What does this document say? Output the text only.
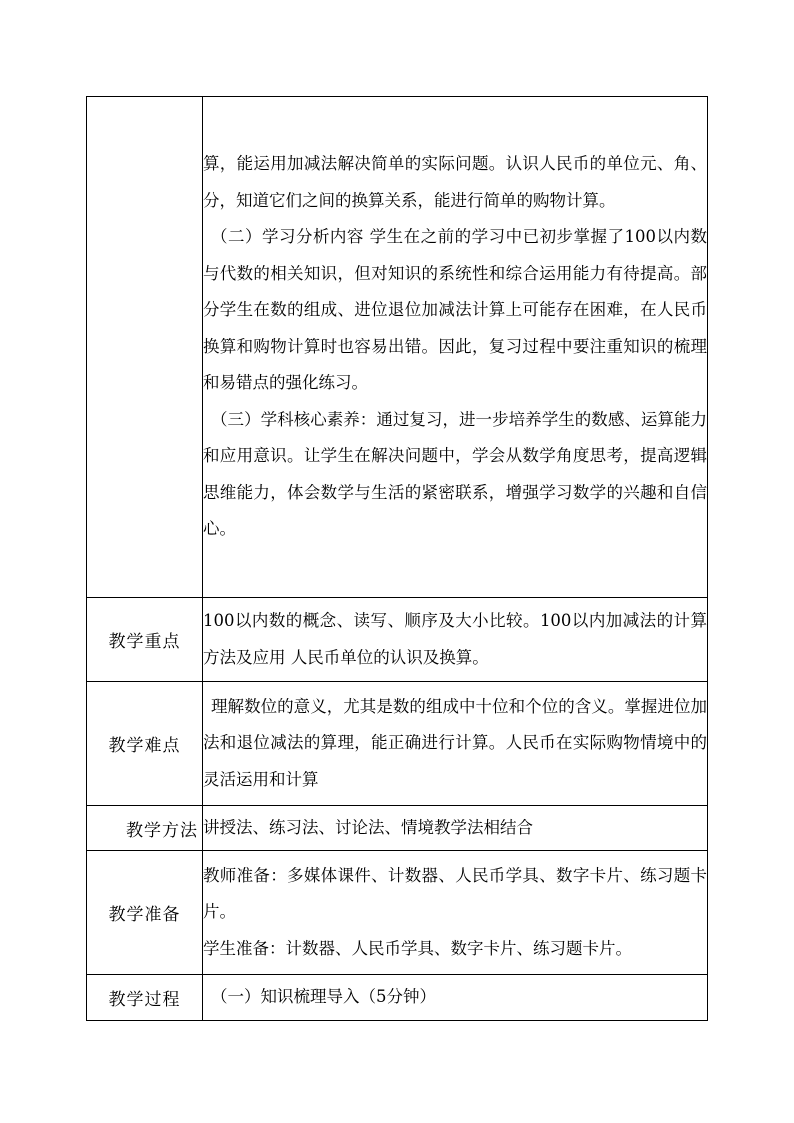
	算，能运用加减法解决简单的实际问题。认识人民币的单位元、角、分，知道它们之间的换算关系，能进行简单的购物计算。

（二）学习分析内容 学生在之前的学习中已初步掌握了100以内数与代数的相关知识，但对知识的系统性和综合运用能力有待提高。部分学生在数的组成、进位退位加减法计算上可能存在困难，在人民币换算和购物计算时也容易出错。因此，复习过程中要注重知识的梳理和易错点的强化练习。

（三）学科核心素养：通过复习，进一步培养学生的数感、运算能力和应用意识。让学生在解决问题中，学会从数学角度思考，提高逻辑思维能力，体会数学与生活的紧密联系，增强学习数学的兴趣和自信心。

教学重点	100以内数的概念、读写、顺序及大小比较。100以内加减法的计算方法及应用 人民币单位的认识及换算。

教学难点	理解数位的意义，尤其是数的组成中十位和个位的含义。掌握进位加法和退位减法的算理，能正确进行计算。人民币在实际购物情境中的灵活运用和计算

教学方法	讲授法、练习法、讨论法、情境教学法相结合

教学准备	教师准备：多媒体课件、计数器、人民币学具、数字卡片、练习题卡片。

学生准备：计数器、人民币学具、数字卡片、练习题卡片。

教学过程	（一）知识梳理导入（5分钟）
